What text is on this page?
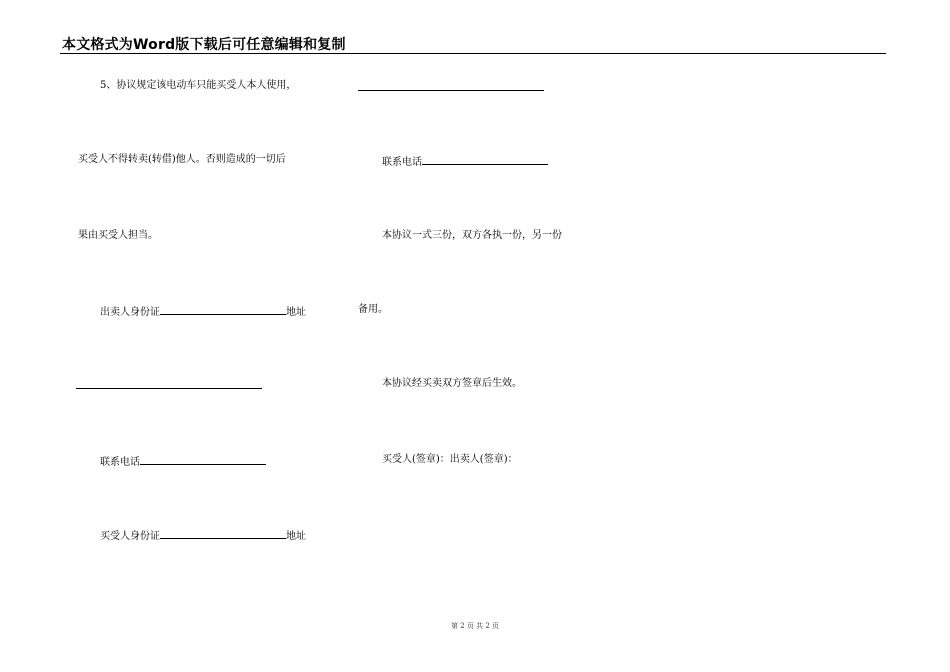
本文格式为Word版下载后可任意编辑和复制
5、协议规定该电动车只能买受人本人使用，
买受人不得转卖(转借)他人。否则造成的一切后
果由买受人担当。
出卖人身份证	地址
联系电话
买受人身份证	地址
联系电话
本协议一式三份，双方各执一份，另一份
备用。
本协议经买卖双方签章后生效。
买受人(签章)：出卖人(签章)：
第 2 页 共 2 页
